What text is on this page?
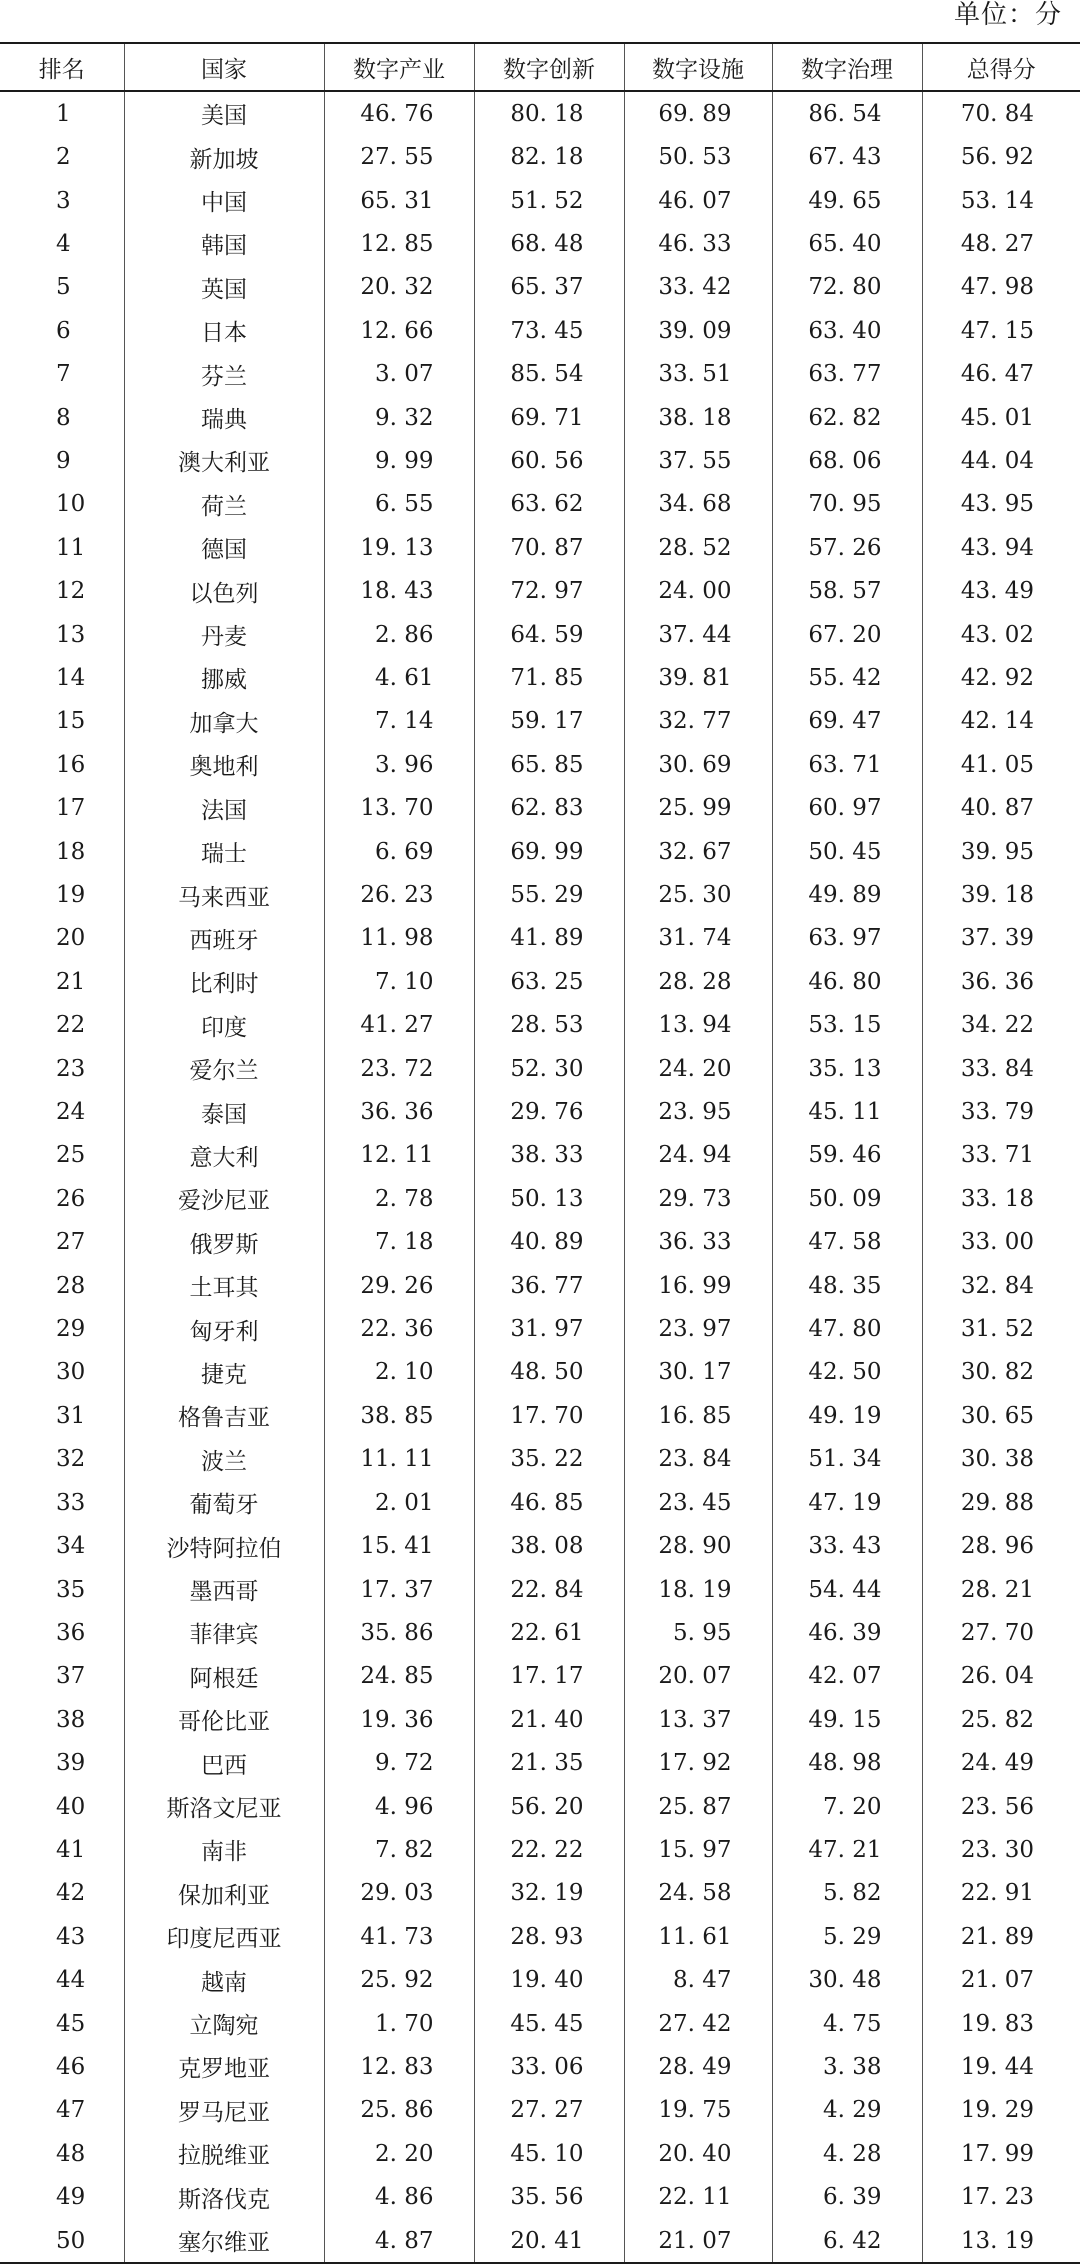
单位：分
排名	国家	数字产业	数字创新	数字设施	数字治理	总得分
1	美国	46. 76	80. 18	69. 89	86. 54	70. 84
2	新加坡	27. 55	82. 18	50. 53	67. 43	56. 92
3	中国	65. 31	51. 52	46. 07	49. 65	53. 14
4	韩国	12. 85	68. 48	46. 33	65. 40	48. 27
5	英国	20. 32	65. 37	33. 42	72. 80	47. 98
6	日本	12. 66	73. 45	39. 09	63. 40	47. 15
7	芬兰	3. 07	85. 54	33. 51	63. 77	46. 47
8	瑞典	9. 32	69. 71	38. 18	62. 82	45. 01
9	澳大利亚	9. 99	60. 56	37. 55	68. 06	44. 04
10	荷兰	6. 55	63. 62	34. 68	70. 95	43. 95
11	德国	19. 13	70. 87	28. 52	57. 26	43. 94
12	以色列	18. 43	72. 97	24. 00	58. 57	43. 49
13	丹麦	2. 86	64. 59	37. 44	67. 20	43. 02
14	挪威	4. 61	71. 85	39. 81	55. 42	42. 92
15	加拿大	7. 14	59. 17	32. 77	69. 47	42. 14
16	奥地利	3. 96	65. 85	30. 69	63. 71	41. 05
17	法国	13. 70	62. 83	25. 99	60. 97	40. 87
18	瑞士	6. 69	69. 99	32. 67	50. 45	39. 95
19	马来西亚	26. 23	55. 29	25. 30	49. 89	39. 18
20	西班牙	11. 98	41. 89	31. 74	63. 97	37. 39
21	比利时	7. 10	63. 25	28. 28	46. 80	36. 36
22	印度	41. 27	28. 53	13. 94	53. 15	34. 22
23	爱尔兰	23. 72	52. 30	24. 20	35. 13	33. 84
24	泰国	36. 36	29. 76	23. 95	45. 11	33. 79
25	意大利	12. 11	38. 33	24. 94	59. 46	33. 71
26	爱沙尼亚	2. 78	50. 13	29. 73	50. 09	33. 18
27	俄罗斯	7. 18	40. 89	36. 33	47. 58	33. 00
28	土耳其	29. 26	36. 77	16. 99	48. 35	32. 84
29	匈牙利	22. 36	31. 97	23. 97	47. 80	31. 52
30	捷克	2. 10	48. 50	30. 17	42. 50	30. 82
31	格鲁吉亚	38. 85	17. 70	16. 85	49. 19	30. 65
32	波兰	11. 11	35. 22	23. 84	51. 34	30. 38
33	葡萄牙	2. 01	46. 85	23. 45	47. 19	29. 88
34	沙特阿拉伯	15. 41	38. 08	28. 90	33. 43	28. 96
35	墨西哥	17. 37	22. 84	18. 19	54. 44	28. 21
36	菲律宾	35. 86	22. 61	5. 95	46. 39	27. 70
37	阿根廷	24. 85	17. 17	20. 07	42. 07	26. 04
38	哥伦比亚	19. 36	21. 40	13. 37	49. 15	25. 82
39	巴西	9. 72	21. 35	17. 92	48. 98	24. 49
40	斯洛文尼亚	4. 96	56. 20	25. 87	7. 20	23. 56
41	南非	7. 82	22. 22	15. 97	47. 21	23. 30
42	保加利亚	29. 03	32. 19	24. 58	5. 82	22. 91
43	印度尼西亚	41. 73	28. 93	11. 61	5. 29	21. 89
44	越南	25. 92	19. 40	8. 47	30. 48	21. 07
45	立陶宛	1. 70	45. 45	27. 42	4. 75	19. 83
46	克罗地亚	12. 83	33. 06	28. 49	3. 38	19. 44
47	罗马尼亚	25. 86	27. 27	19. 75	4. 29	19. 29
48	拉脱维亚	2. 20	45. 10	20. 40	4. 28	17. 99
49	斯洛伐克	4. 86	35. 56	22. 11	6. 39	17. 23
50	塞尔维亚	4. 87	20. 41	21. 07	6. 42	13. 19
